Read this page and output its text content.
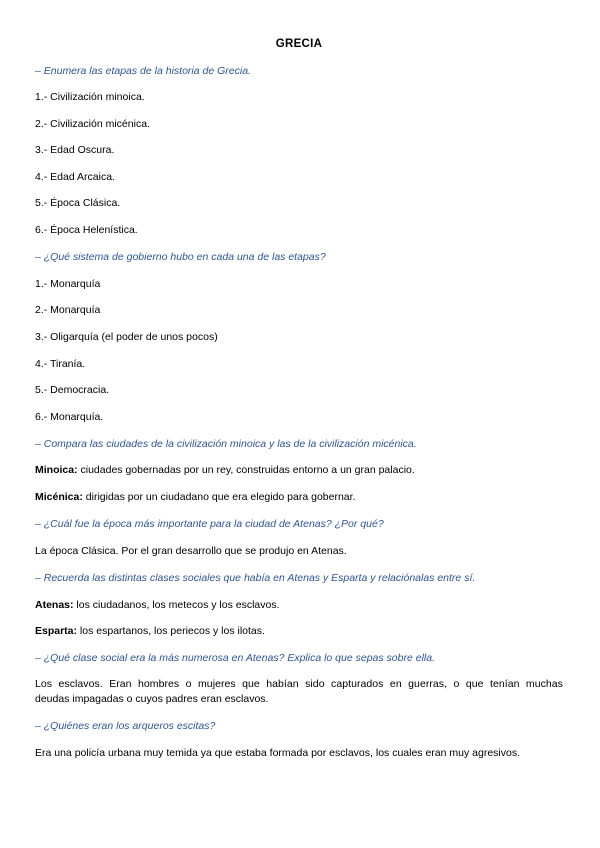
GRECIA
– Enumera las etapas de la historia de Grecia.
1.- Civilización minoica.
2.- Civilización micénica.
3.- Edad Oscura.
4.- Edad Arcaica.
5.- Época Clásica.
6.- Época Helenística.
– ¿Qué sistema de gobierno hubo en cada una de las etapas?
1.- Monarquía
2.- Monarquía
3.- Oligarquía (el poder de unos pocos)
4.- Tiranía.
5.- Democracia.
6.- Monarquía.
– Compara las ciudades de la civilización minoica y las de la civilización micénica.
Minoica: ciudades gobernadas por un rey, construidas entorno a un gran palacio.
Micénica: dirigidas por un ciudadano que era elegido para gobernar.
– ¿Cuál fue la época más importante para la ciudad de Atenas? ¿Por qué?
La época Clásica. Por el gran desarrollo que se produjo en Atenas.
– Recuerda las distintas clases sociales que había en Atenas y Esparta y relaciónalas entre sí.
Atenas: los ciudadanos, los metecos y los esclavos.
Esparta: los espartanos, los periecos y los ilotas.
– ¿Qué clase social era la más numerosa en Atenas? Explica lo que sepas sobre ella.
Los esclavos. Eran hombres o mujeres que habían sido capturados en guerras, o que tenían muchas
deudas impagadas o cuyos padres eran esclavos.
– ¿Quiénes eran los arqueros escitas?
Era una policía urbana muy temida ya que estaba formada por esclavos, los cuales eran muy agresivos.
